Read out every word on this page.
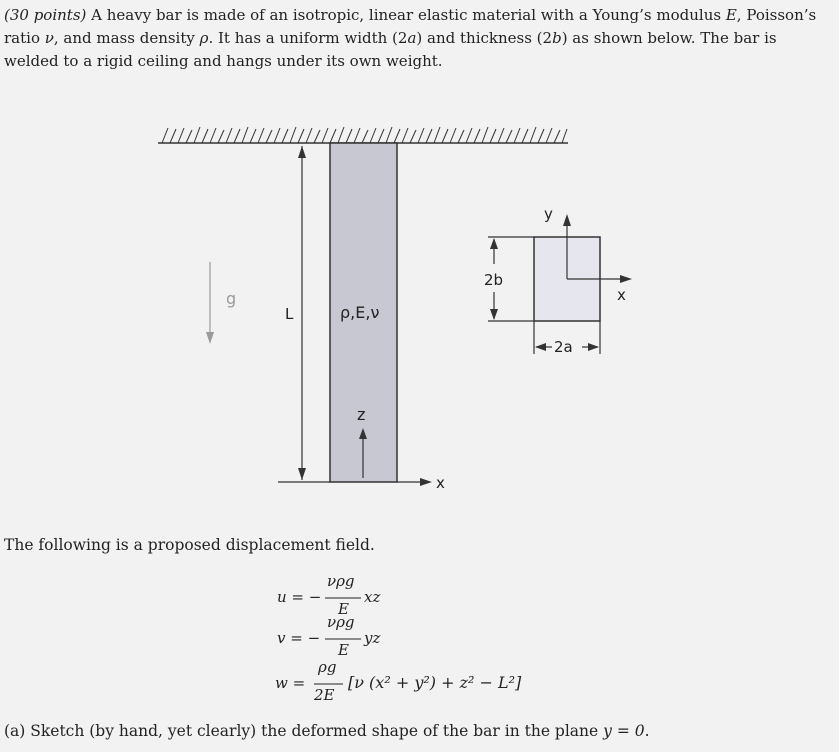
(30 points) A heavy bar is made of an isotropic, linear elastic material with a Young’s modulus E, Poisson’s ratio ν, and mass density ρ. It has a uniform width (2a) and thickness (2b) as shown below. The bar is welded to a rigid ceiling and hangs under its own weight.

g
L	ρ,E,ν
z
x
y
x
2b
2a
The following is a proposed displacement field.
u = −
νρg
E
xz
v = −
νρg
E
yz
w =
ρg
2E
[ν (x² + y²) + z² − L²]
(a) Sketch (by hand, yet clearly) the deformed shape of the bar in the plane y = 0.
